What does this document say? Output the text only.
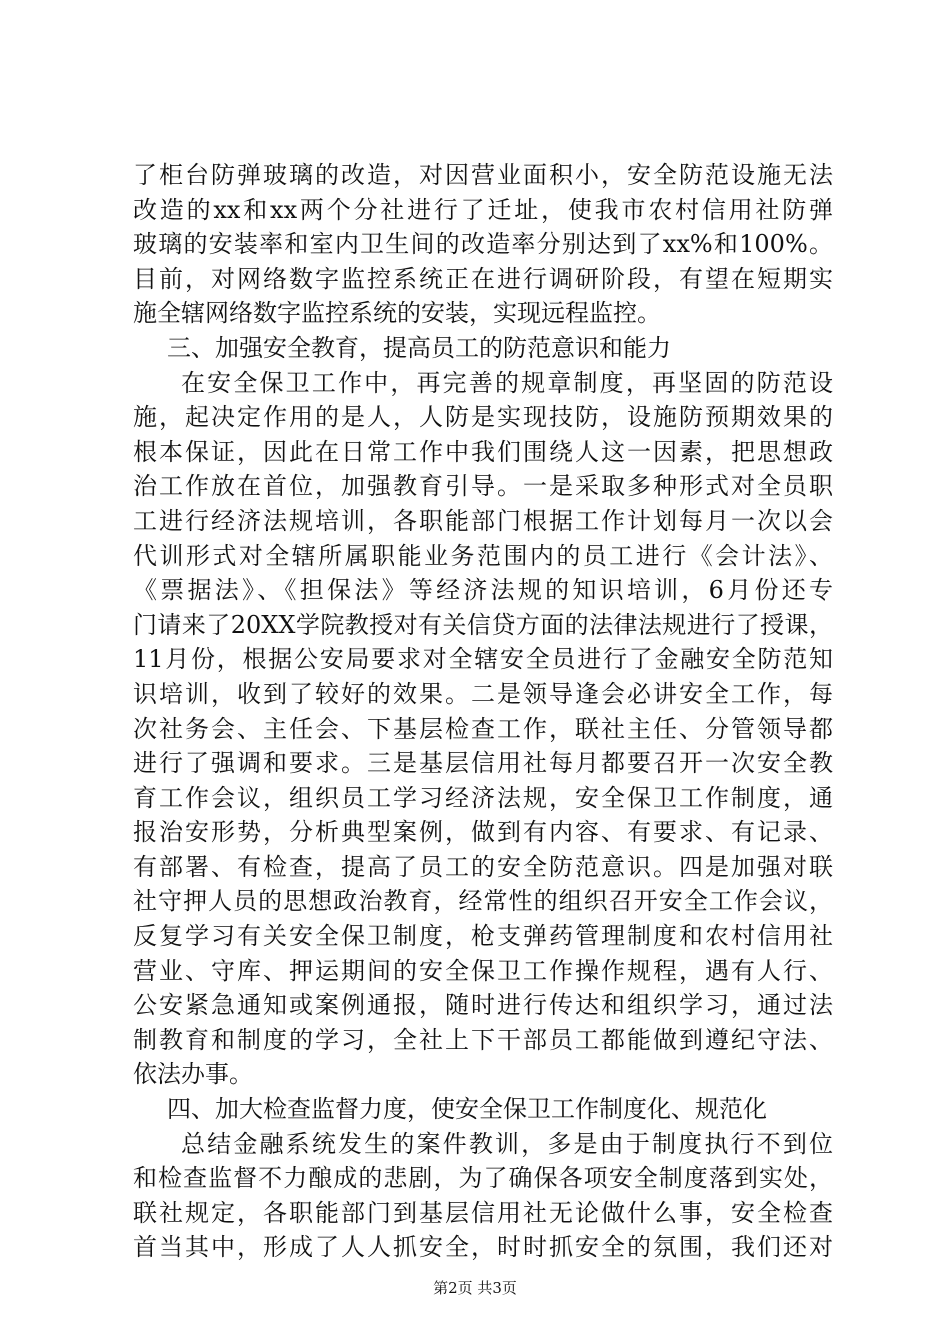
了柜台防弹玻璃的改造，对因营业面积小，安全防范设施无法
改造的xx和xx两个分社进行了迁址，使我市农村信用社防弹
玻璃的安装率和室内卫生间的改造率分别达到了xx%和100%。
目前，对网络数字监控系统正在进行调研阶段，有望在短期实
施全辖网络数字监控系统的安装，实现远程监控。
三、加强安全教育，提高员工的防范意识和能力
在安全保卫工作中，再完善的规章制度，再坚固的防范设
施，起决定作用的是人，人防是实现技防，设施防预期效果的
根本保证，因此在日常工作中我们围绕人这一因素，把思想政
治工作放在首位，加强教育引导。一是采取多种形式对全员职
工进行经济法规培训，各职能部门根据工作计划每月一次以会
代训形式对全辖所属职能业务范围内的员工进行《会计法》、
《票据法》、《担保法》等经济法规的知识培训，6月份还专
门请来了20XX学院教授对有关信贷方面的法律法规进行了授课，
11月份，根据公安局要求对全辖安全员进行了金融安全防范知
识培训，收到了较好的效果。二是领导逢会必讲安全工作，每
次社务会、主任会、下基层检查工作，联社主任、分管领导都
进行了强调和要求。三是基层信用社每月都要召开一次安全教
育工作会议，组织员工学习经济法规，安全保卫工作制度，通
报治安形势，分析典型案例，做到有内容、有要求、有记录、
有部署、有检查，提高了员工的安全防范意识。四是加强对联
社守押人员的思想政治教育，经常性的组织召开安全工作会议，
反复学习有关安全保卫制度，枪支弹药管理制度和农村信用社
营业、守库、押运期间的安全保卫工作操作规程，遇有人行、
公安紧急通知或案例通报，随时进行传达和组织学习，通过法
制教育和制度的学习，全社上下干部员工都能做到遵纪守法、
依法办事。
四、加大检查监督力度，使安全保卫工作制度化、规范化
总结金融系统发生的案件教训，多是由于制度执行不到位
和检查监督不力酿成的悲剧，为了确保各项安全制度落到实处，
联社规定，各职能部门到基层信用社无论做什么事，安全检查
首当其中，形成了人人抓安全，时时抓安全的氛围，我们还对
第2页 共3页
